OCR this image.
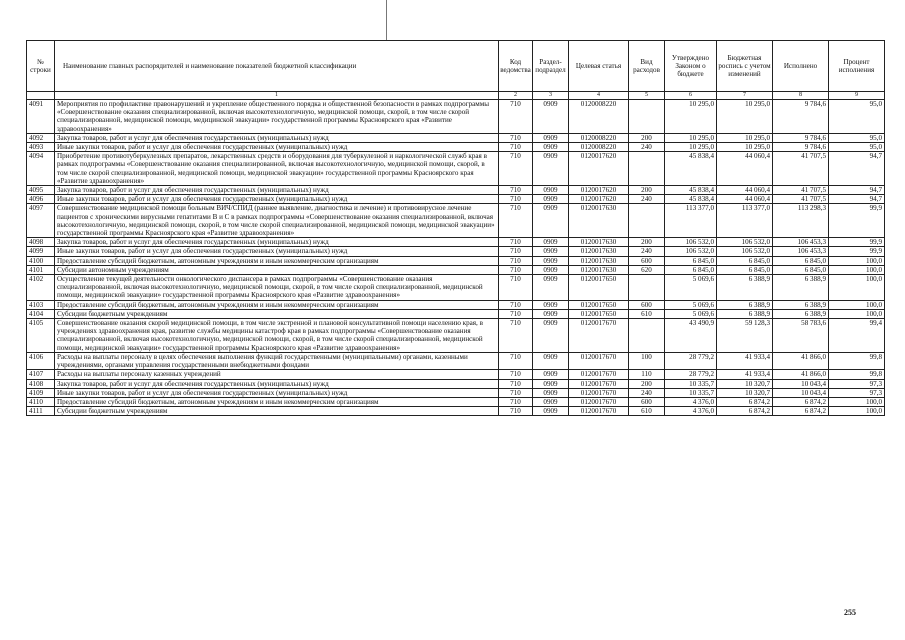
№ строки	Наименование главных распорядителей и наименование показателей бюджетной классификации	Код ведомства	Раздел-подраздел	Целевая статья	Вид расходов	Утверждено Законом о бюджете	Бюджетная роспись с учетом изменений	Исполнено	Процент исполнения
	1	2	3	4	5	6	7	8	9
4091	Мероприятия по профилактике правонарушений и укрепление общественного порядка и общественной безопасности в рамках подпрограммы «Совершенствование оказания специализированной, включая высокотехнологичную, медицинской помощи, скорой, в том числе скорой специализированной, медицинской помощи, медицинской эвакуации» государственной программы Красноярского края «Развитие здравоохранения»	710	0909	0120008220		10 295,0	10 295,0	9 784,6	95,0
4092	Закупка товаров, работ и услуг для обеспечения государственных (муниципальных) нужд	710	0909	0120008220	200	10 295,0	10 295,0	9 784,6	95,0
4093	Иные закупки товаров, работ и услуг для обеспечения государственных (муниципальных) нужд	710	0909	0120008220	240	10 295,0	10 295,0	9 784,6	95,0
4094	Приобретение противотуберкулезных препаратов, лекарственных средств и оборудования для туберкулезной и наркологической служб края в рамках подпрограммы «Совершенствование оказания специализированной, включая высокотехнологичную, медицинской помощи, скорой, в том числе скорой специализированной, медицинской помощи, медицинской эвакуации» государственной программы Красноярского края «Развитие здравоохранения»	710	0909	0120017620		45 838,4	44 060,4	41 707,5	94,7
4095	Закупка товаров, работ и услуг для обеспечения государственных (муниципальных) нужд	710	0909	0120017620	200	45 838,4	44 060,4	41 707,5	94,7
4096	Иные закупки товаров, работ и услуг для обеспечения государственных (муниципальных) нужд	710	0909	0120017620	240	45 838,4	44 060,4	41 707,5	94,7
4097	Совершенствование медицинской помощи больным ВИЧ/СПИД (раннее выявление, диагностика и лечение) и противовирусное лечение пациентов с хроническими вирусными гепатитами В и С в рамках подпрограммы «Совершенствование оказания специализированной, включая высокотехнологичную, медицинской помощи, скорой, в том числе скорой специализированной, медицинской помощи, медицинской эвакуации» государственной программы Красноярского края «Развитие здравоохранения»	710	0909	0120017630		113 377,0	113 377,0	113 298,3	99,9
4098	Закупка товаров, работ и услуг для обеспечения государственных (муниципальных) нужд	710	0909	0120017630	200	106 532,0	106 532,0	106 453,3	99,9
4099	Иные закупки товаров, работ и услуг для обеспечения государственных (муниципальных) нужд	710	0909	0120017630	240	106 532,0	106 532,0	106 453,3	99,9
4100	Предоставление субсидий бюджетным, автономным учреждениям и иным некоммерческим организациям	710	0909	0120017630	600	6 845,0	6 845,0	6 845,0	100,0
4101	Субсидии автономным учреждениям	710	0909	0120017630	620	6 845,0	6 845,0	6 845,0	100,0
4102	Осуществление текущей деятельности онкологического диспансера в рамках подпрограммы «Совершенствование оказания специализированной, включая высокотехнологичную, медицинской помощи, скорой, в том числе скорой специализированной, медицинской помощи, медицинской эвакуации» государственной программы Красноярского края «Развитие здравоохранения»	710	0909	0120017650		5 069,6	6 388,9	6 388,9	100,0
4103	Предоставление субсидий бюджетным, автономным учреждениям и иным некоммерческим организациям	710	0909	0120017650	600	5 069,6	6 388,9	6 388,9	100,0
4104	Субсидии бюджетным учреждениям	710	0909	0120017650	610	5 069,6	6 388,9	6 388,9	100,0
4105	Совершенствование оказания скорой медицинской помощи, в том числе экстренной и плановой консультативной помощи населению края, в учреждениях здравоохранения края, развитие службы медицины катастроф края в рамках подпрограммы «Совершенствование оказания специализированной, включая высокотехнологичную, медицинской помощи, скорой, в том числе скорой специализированной, медицинской помощи, медицинской эвакуации» государственной программы Красноярского края «Развитие здравоохранения»	710	0909	0120017670		43 490,9	59 128,3	58 783,6	99,4
4106	Расходы на выплаты персоналу в целях обеспечения выполнения функций государственными (муниципальными) органами, казенными учреждениями, органами управления государственными внебюджетными фондами	710	0909	0120017670	100	28 779,2	41 933,4	41 866,0	99,8
4107	Расходы на выплаты персоналу казенных учреждений	710	0909	0120017670	110	28 779,2	41 933,4	41 866,0	99,8
4108	Закупка товаров, работ и услуг для обеспечения государственных (муниципальных) нужд	710	0909	0120017670	200	10 335,7	10 320,7	10 043,4	97,3
4109	Иные закупки товаров, работ и услуг для обеспечения государственных (муниципальных) нужд	710	0909	0120017670	240	10 335,7	10 320,7	10 043,4	97,3
4110	Предоставление субсидий бюджетным, автономным учреждениям и иным некоммерческим организациям	710	0909	0120017670	600	4 376,0	6 874,2	6 874,2	100,0
4111	Субсидии бюджетным учреждениям	710	0909	0120017670	610	4 376,0	6 874,2	6 874,2	100,0
255
